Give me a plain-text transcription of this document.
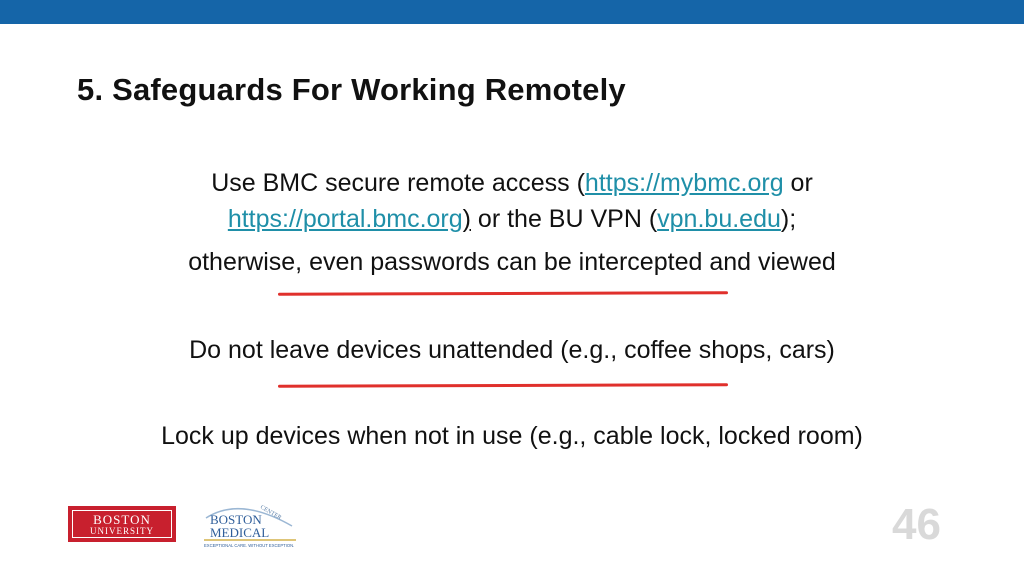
5. Safeguards For Working Remotely
Use BMC secure remote access (https://mybmc.org or
https://portal.bmc.org) or the BU VPN (vpn.bu.edu);
otherwise, even passwords can be intercepted and viewed
Do not leave devices unattended (e.g., coffee shops, cars)
Lock up devices when not in use (e.g., cable lock, locked room)
BOSTON
UNIVERSITY
CENTER
BOSTON
MEDICAL
EXCEPTIONAL CARE. WITHOUT EXCEPTION.	46
